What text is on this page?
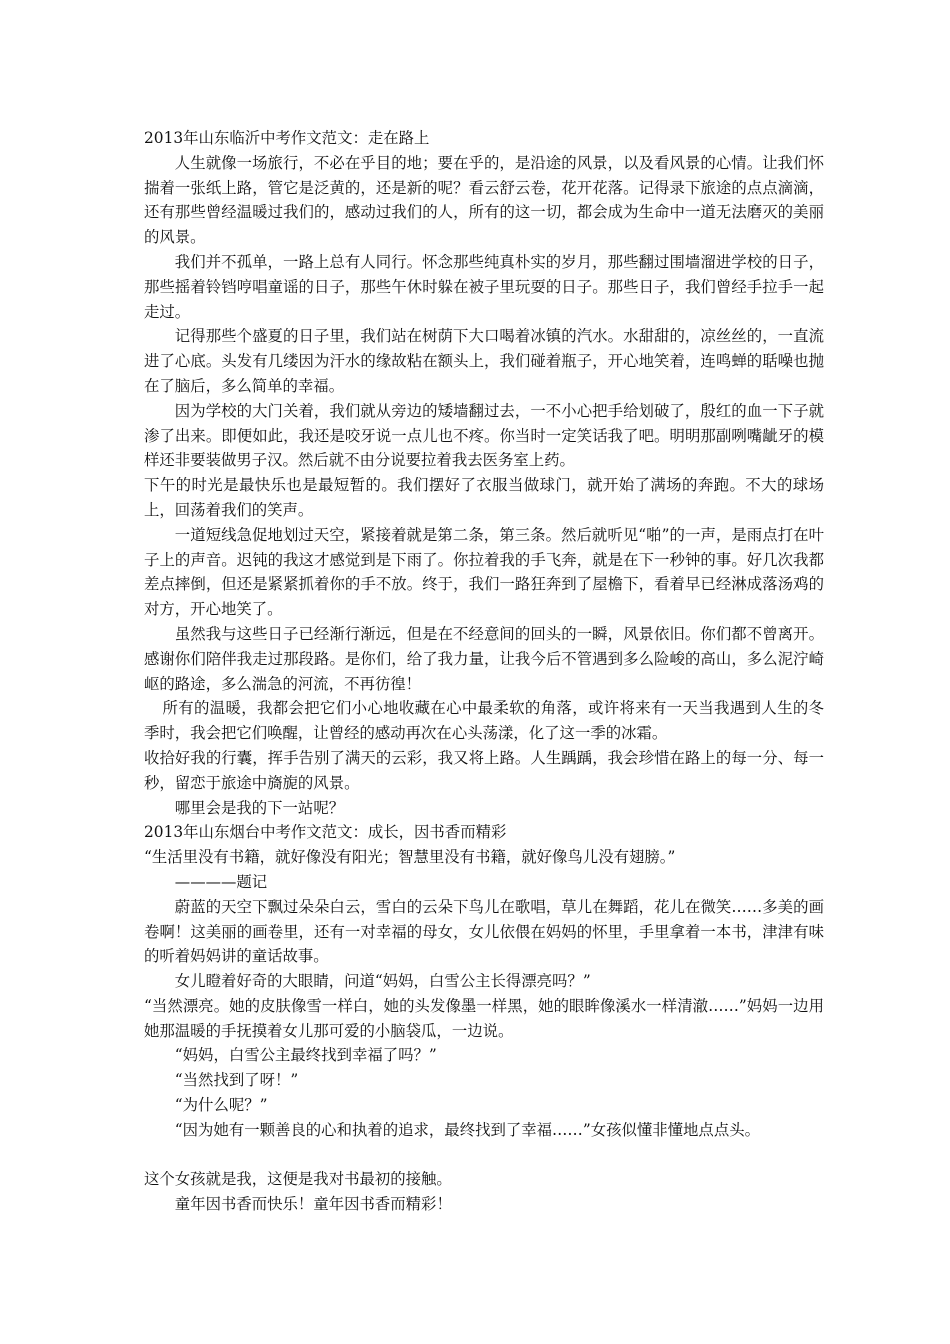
2013年山东临沂中考作文范文：走在路上

人生就像一场旅行，不必在乎目的地；要在乎的，是沿途的风景，以及看风景的心情。让我们怀揣着一张纸上路，管它是泛黄的，还是新的呢？看云舒云卷，花开花落。记得录下旅途的点点滴滴，还有那些曾经温暖过我们的，感动过我们的人，所有的这一切，都会成为生命中一道无法磨灭的美丽的风景。

我们并不孤单，一路上总有人同行。怀念那些纯真朴实的岁月，那些翻过围墙溜进学校的日子，那些摇着铃铛哼唱童谣的日子，那些午休时躲在被子里玩耍的日子。那些日子，我们曾经手拉手一起走过。

记得那些个盛夏的日子里，我们站在树荫下大口喝着冰镇的汽水。水甜甜的，凉丝丝的，一直流进了心底。头发有几缕因为汗水的缘故粘在额头上，我们碰着瓶子，开心地笑着，连鸣蝉的聒噪也抛在了脑后，多么简单的幸福。

因为学校的大门关着，我们就从旁边的矮墙翻过去，一不小心把手给划破了，殷红的血一下子就渗了出来。即便如此，我还是咬牙说一点儿也不疼。你当时一定笑话我了吧。明明那副咧嘴龇牙的模样还非要装做男子汉。然后就不由分说要拉着我去医务室上药。

下午的时光是最快乐也是最短暂的。我们摆好了衣服当做球门，就开始了满场的奔跑。不大的球场上，回荡着我们的笑声。

一道短线急促地划过天空，紧接着就是第二条，第三条。然后就听见“啪”的一声，是雨点打在叶子上的声音。迟钝的我这才感觉到是下雨了。你拉着我的手飞奔，就是在下一秒钟的事。好几次我都差点摔倒，但还是紧紧抓着你的手不放。终于，我们一路狂奔到了屋檐下，看着早已经淋成落汤鸡的对方，开心地笑了。

虽然我与这些日子已经渐行渐远，但是在不经意间的回头的一瞬，风景依旧。你们都不曾离开。感谢你们陪伴我走过那段路。是你们，给了我力量，让我今后不管遇到多么险峻的高山，多么泥泞崎岖的路途，多么湍急的河流，不再彷徨！

所有的温暖，我都会把它们小心地收藏在心中最柔软的角落，或许将来有一天当我遇到人生的冬季时，我会把它们唤醒，让曾经的感动再次在心头荡漾，化了这一季的冰霜。

收拾好我的行囊，挥手告别了满天的云彩，我又将上路。人生踽踽，我会珍惜在路上的每一分、每一秒，留恋于旅途中旖旎的风景。

哪里会是我的下一站呢？

2013年山东烟台中考作文范文：成长，因书香而精彩

“生活里没有书籍，就好像没有阳光；智慧里没有书籍，就好像鸟儿没有翅膀。”

————题记

蔚蓝的天空下飘过朵朵白云，雪白的云朵下鸟儿在歌唱，草儿在舞蹈，花儿在微笑……多美的画卷啊！这美丽的画卷里，还有一对幸福的母女，女儿依偎在妈妈的怀里，手里拿着一本书，津津有味的听着妈妈讲的童话故事。

女儿瞪着好奇的大眼睛，问道“妈妈，白雪公主长得漂亮吗？”

“当然漂亮。她的皮肤像雪一样白，她的头发像墨一样黑，她的眼眸像溪水一样清澈……”妈妈一边用她那温暖的手抚摸着女儿那可爱的小脑袋瓜，一边说。

“妈妈，白雪公主最终找到幸福了吗？”

“当然找到了呀！”

“为什么呢？”

“因为她有一颗善良的心和执着的追求，最终找到了幸福……”女孩似懂非懂地点点头。

这个女孩就是我，这便是我对书最初的接触。

童年因书香而快乐！童年因书香而精彩！
